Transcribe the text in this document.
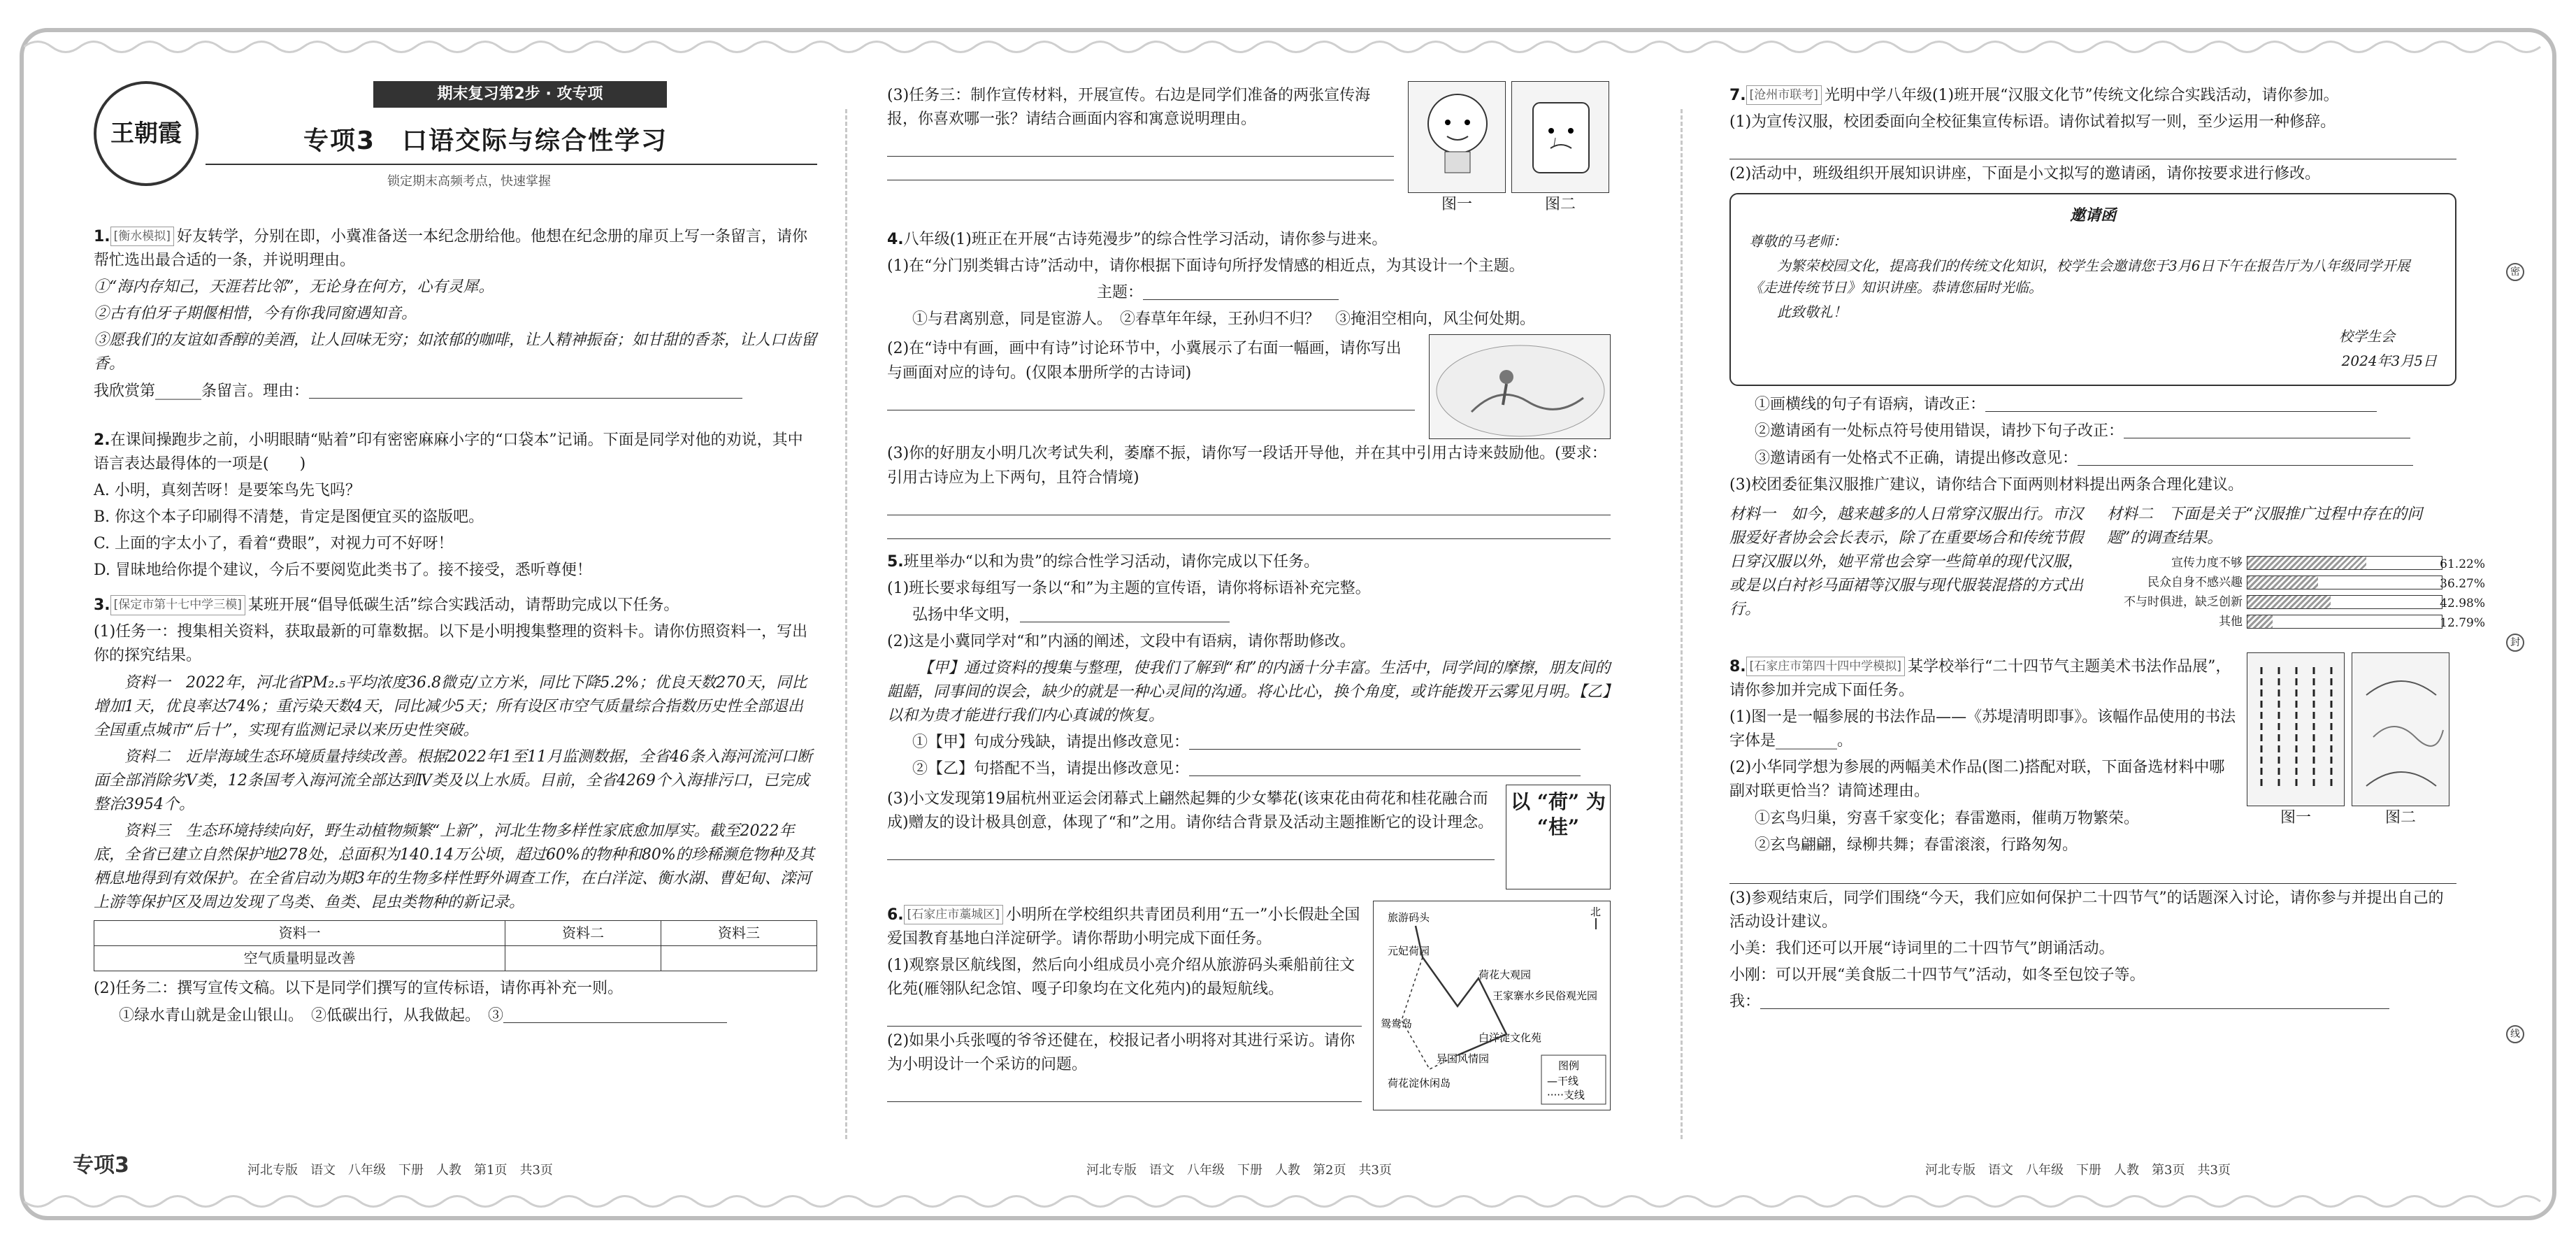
王朝霞
期末复习第2步 · 攻专项
专项3　口语交际与综合性学习
锁定期末高频考点，快速掌握

1. [衡水模拟] 好友转学，分别在即，小冀准备送一本纪念册给他。他想在纪念册的扉页上写一条留言，请你帮忙选出最合适的一条，并说明理由。

①“海内存知己，天涯若比邻”，无论身在何方，心有灵犀。

②古有伯牙子期偃相惜，今有你我同窗遇知音。

③愿我们的友谊如香醇的美酒，让人回味无穷；如浓郁的咖啡，让人精神振奋；如甘甜的香茶，让人口齿留香。

我欣赏第______条留言。理由：

2.在课间操跑步之前，小明眼睛“贴着”印有密密麻麻小字的“口袋本”记诵。下面是同学对他的劝说，其中语言表达最得体的一项是(　　)

A. 小明，真刻苦呀！是要笨鸟先飞吗？

B. 你这个本子印刷得不清楚，肯定是图便宜买的盗版吧。

C. 上面的字太小了，看着“费眼”，对视力可不好呀！

D. 冒昧地给你提个建议，今后不要阅览此类书了。接不接受，悉听尊便！

3. [保定市第十七中学三模] 某班开展“倡导低碳生活”综合实践活动，请帮助完成以下任务。

(1)任务一：搜集相关资料，获取最新的可靠数据。以下是小明搜集整理的资料卡。请你仿照资料一，写出你的探究结果。

资料一　2022年，河北省PM₂.₅平均浓度36.8微克/立方米，同比下降5.2%；优良天数270天，同比增加1天，优良率达74%；重污染天数4天，同比减少5天；所有设区市空气质量综合指数历史性全部退出全国重点城市“后十”，实现有监测记录以来历史性突破。

资料二　近岸海域生态环境质量持续改善。根据2022年1至11月监测数据，全省46条入海河流河口断面全部消除劣Ⅴ类，12条国考入海河流全部达到Ⅳ类及以上水质。目前，全省4269个入海排污口，已完成整治3954个。

资料三　生态环境持续向好，野生动植物频繁“上新”，河北生物多样性家底愈加厚实。截至2022年底，全省已建立自然保护地278处，总面积为140.14万公顷，超过60%的物种和80%的珍稀濒危物种及其栖息地得到有效保护。在全省启动为期3年的生物多样性野外调查工作，在白洋淀、衡水湖、曹妃甸、滦河上游等保护区及周边发现了鸟类、鱼类、昆虫类物种的新记录。

资料一	资料二	资料三
空气质量明显改善		

(2)任务二：撰写宣传文稿。以下是同学们撰写的宣传标语，请你再补充一则。

①绿水青山就是金山银山。　②低碳出行，从我做起。　③

(3)任务三：制作宣传材料，开展宣传。右边是同学们准备的两张宣传海报，你喜欢哪一张？请结合画面内容和寓意说明理由。

图一	图二

4.八年级(1)班正在开展“古诗苑漫步”的综合性学习活动，请你参与进来。

(1)在“分门别类辑古诗”活动中，请你根据下面诗句所抒发情感的相近点，为其设计一个主题。

主题：

①与君离别意，同是宦游人。　②春草年年绿，王孙归不归？　③掩泪空相向，风尘何处期。

(2)在“诗中有画，画中有诗”讨论环节中，小冀展示了右面一幅画，请你写出与画面对应的诗句。(仅限本册所学的古诗词)

(3)你的好朋友小明几次考试失利，萎靡不振，请你写一段话开导他，并在其中引用古诗来鼓励他。(要求：引用古诗应为上下两句，且符合情境)

5.班里举办“以和为贵”的综合性学习活动，请你完成以下任务。

(1)班长要求每组写一条以“和”为主题的宣传语，请你将标语补充完整。

弘扬中华文明，

(2)这是小冀同学对“和”内涵的阐述，文段中有语病，请你帮助修改。

【甲】通过资料的搜集与整理，使我们了解到“和”的内涵十分丰富。生活中，同学间的摩擦，朋友间的龃龉，同事间的误会，缺少的就是一种心灵间的沟通。将心比心，换个角度，或许能拨开云雾见月明。【乙】以和为贵才能进行我们内心真诚的恢复。

①【甲】句成分残缺，请提出修改意见：

②【乙】句搭配不当，请提出修改意见：

(3)小文发现第19届杭州亚运会闭幕式上翩然起舞的少女攀花(该束花由荷花和桂花融合而成)赠友的设计极具创意，体现了“和”之用。请你结合背景及活动主题推断它的设计理念。

以 “荷” 为 “桂”

6. [石家庄市藁城区] 小明所在学校组织共青团员利用“五一”小长假赴全国爱国教育基地白洋淀研学。请你帮助小明完成下面任务。

(1)观察景区航线图，然后向小组成员小亮介绍从旅游码头乘船前往文化苑(雁翎队纪念馆、嘎子印象均在文化苑内)的最短航线。

(2)如果小兵张嘎的爷爷还健在，校报记者小明将对其进行采访。请你为小明设计一个采访的问题。

北
旅游码头
元妃荷园
荷花大观园
王家寨水乡民俗观光园
鸳鸯岛
白洋淀文化苑
异国风情园
荷花淀休闲岛
图例
—干线
·····支线

7. [沧州市联考] 光明中学八年级(1)班开展“汉服文化节”传统文化综合实践活动，请你参加。

(1)为宣传汉服，校团委面向全校征集宣传标语。请你试着拟写一则，至少运用一种修辞。

(2)活动中，班级组织开展知识讲座，下面是小文拟写的邀请函，请你按要求进行修改。

邀请函

尊敬的马老师：

为繁荣校园文化，提高我们的传统文化知识，校学生会邀请您于3月6日下午在报告厅为八年级同学开展《走进传统节日》知识讲座。恭请您届时光临。

此致敬礼！

校学生会

2024年3月5日

①画横线的句子有语病，请改正：

②邀请函有一处标点符号使用错误，请抄下句子改正：

③邀请函有一处格式不正确，请提出修改意见：

(3)校团委征集汉服推广建议，请你结合下面两则材料提出两条合理化建议。

材料一　如今，越来越多的人日常穿汉服出行。市汉服爱好者协会会长表示，除了在重要场合和传统节假日穿汉服以外，她平常也会穿一些简单的现代汉服，或是以白衬衫马面裙等汉服与现代服装混搭的方式出行。

材料二　下面是关于“汉服推广过程中存在的问题”的调查结果。

宣传力度不够	61.22%
民众自身不感兴趣	36.27%
不与时俱进，缺乏创新	42.98%
其他	12.79%

8. [石家庄市第四十四中学模拟] 某学校举行“二十四节气主题美术书法作品展”，请你参加并完成下面任务。

(1)图一是一幅参展的书法作品——《苏堤清明即事》。该幅作品使用的书法字体是________。

(2)小华同学想为参展的两幅美术作品(图二)搭配对联，下面备选材料中哪副对联更恰当？请简述理由。

①玄鸟归巢，穷喜千家变化；春雷邀雨，催萌万物繁荣。

②玄鸟翩翩，绿柳共舞；春雷滚滚，行路匆匆。

图一	图二

(3)参观结束后，同学们围绕“今天，我们应如何保护二十四节气”的话题深入讨论，请你参与并提出自己的活动设计建议。

小美：我们还可以开展“诗词里的二十四节气”朗诵活动。

小刚：可以开展“美食版二十四节气”活动，如冬至包饺子等。

我：

密
封
线
专项3	河北专版　语文　八年级　下册　人教　第1页　共3页	河北专版　语文　八年级　下册　人教　第2页　共3页	河北专版　语文　八年级　下册　人教　第3页　共3页
